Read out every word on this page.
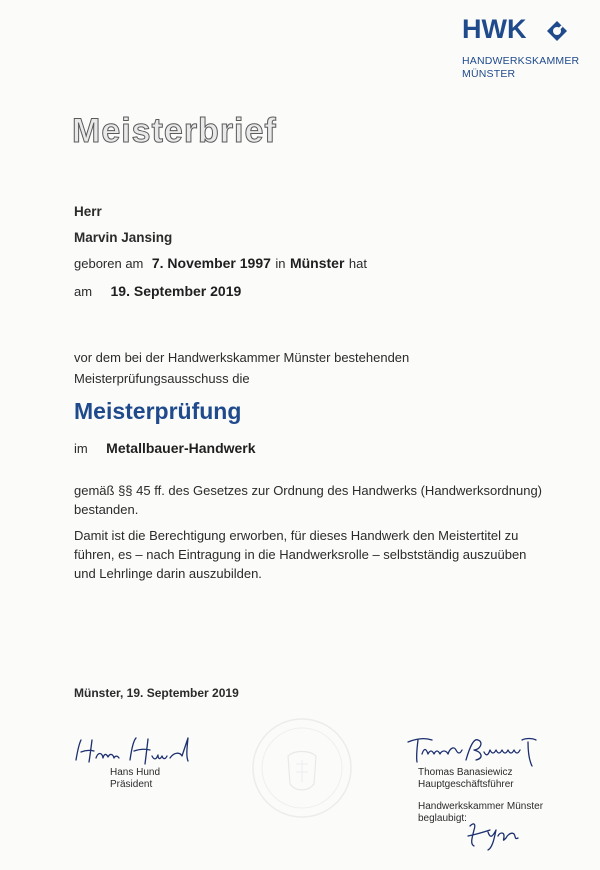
HWK
HANDWERKSKAMMER
MÜNSTER
Meisterbrief
Herr
Marvin Jansing
geboren am 7. November 1997 in Münster hat
am 19. September 2019
vor dem bei der Handwerkskammer Münster bestehenden
Meisterprüfungsausschuss die
Meisterprüfung
im Metallbauer-Handwerk
gemäß §§ 45 ff. des Gesetzes zur Ordnung des Handwerks (Handwerksordnung)
bestanden.
Damit ist die Berechtigung erworben, für dieses Handwerk den Meistertitel zu
führen, es – nach Eintragung in die Handwerksrolle – selbstständig auszuüben
und Lehrlinge darin auszubilden.
Münster, 19. September 2019
Hans Hund
Präsident
Thomas Banasiewicz
Hauptgeschäftsführer
Handwerkskammer Münster
beglaubigt:
